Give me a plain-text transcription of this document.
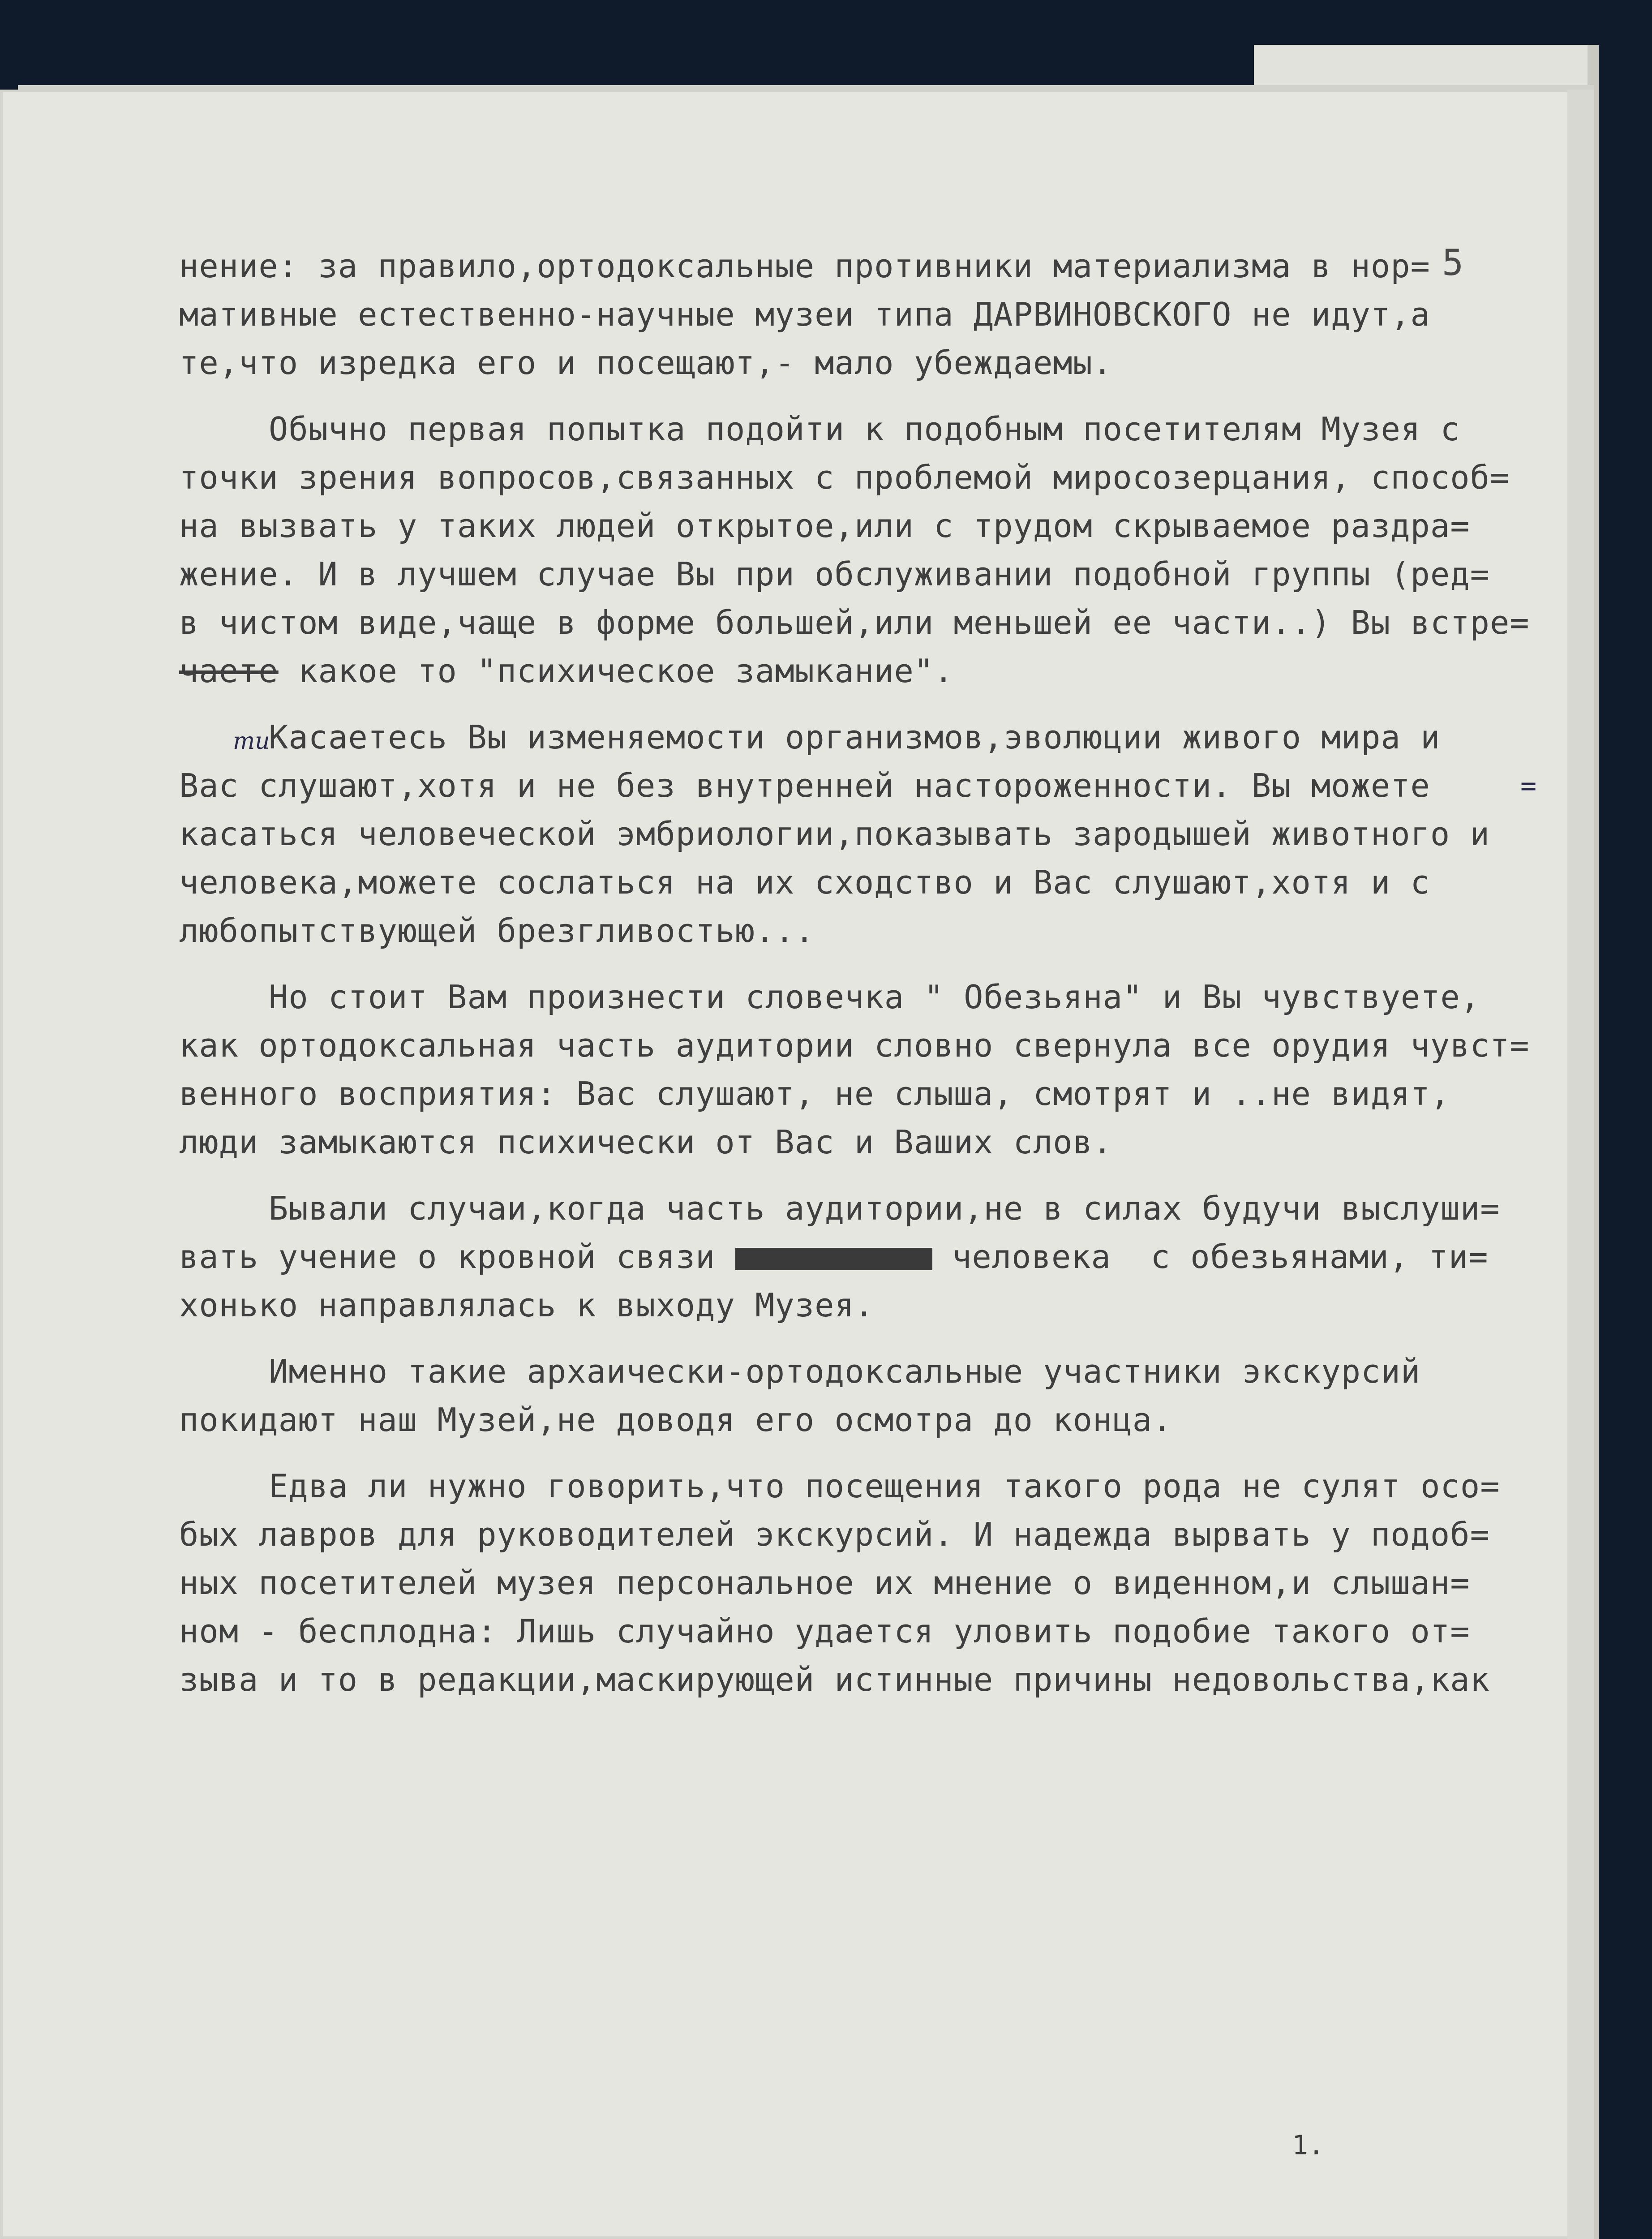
5
нение: за правило,ортодоксальные противники материализма в нор=
мативные естественно-научные музеи типа ДАРВИНОВСКОГО не идут,а
те,что изредка его и посещают,- мало убеждаемы.
Обычно первая попытка подойти к подобным посетителям Музея с
точки зрения вопросов,связанных с проблемой миросозерцания, способ=
на вызвать у таких людей открытое,или с трудом скрываемое раздра=
жение. И в лучшем случае Вы при обслуживании подобной группы (ред=
в чистом виде,чаще в форме большей,или меньшей ее части..) Вы встре=
чаете какое то "психическое замыкание".
Касаетесь Вы изменяемости организмов,эволюции живого мира и
Вас слушают,хотя и не без внутренней настороженности. Вы можете
касаться человеческой эмбриологии,показывать зародышей животного и
человека,можете сослаться на их сходство и Вас слушают,хотя и с
любопытствующей брезгливостью...
Но стоит Вам произнести словечка " Обезьяна" и Вы чувствуете,
как ортодоксальная часть аудитории словно свернула все орудия чувст=
венного восприятия: Вас слушают, не слыша, смотрят и ..не видят,
люди замыкаются психически от Вас и Ваших слов.
Бывали случаи,когда часть аудитории,не в силах будучи выслуши=
вать учение о кровной связи	человека  с обезьянами, ти=
хонько направлялась к выходу Музея.
Именно такие архаически-ортодоксальные участники экскурсий
покидают наш Музей,не доводя его осмотра до конца.
Едва ли нужно говорить,что посещения такого рода не сулят осо=
бых лавров для руководителей экскурсий. И надежда вырвать у подоб=
ных посетителей музея персональное их мнение о виденном,и слышан=
ном - бесплодна: Лишь случайно удается уловить подобие такого от=
зыва и то в редакции,маскирующей истинные причины недовольства,как
ти
=
1.
